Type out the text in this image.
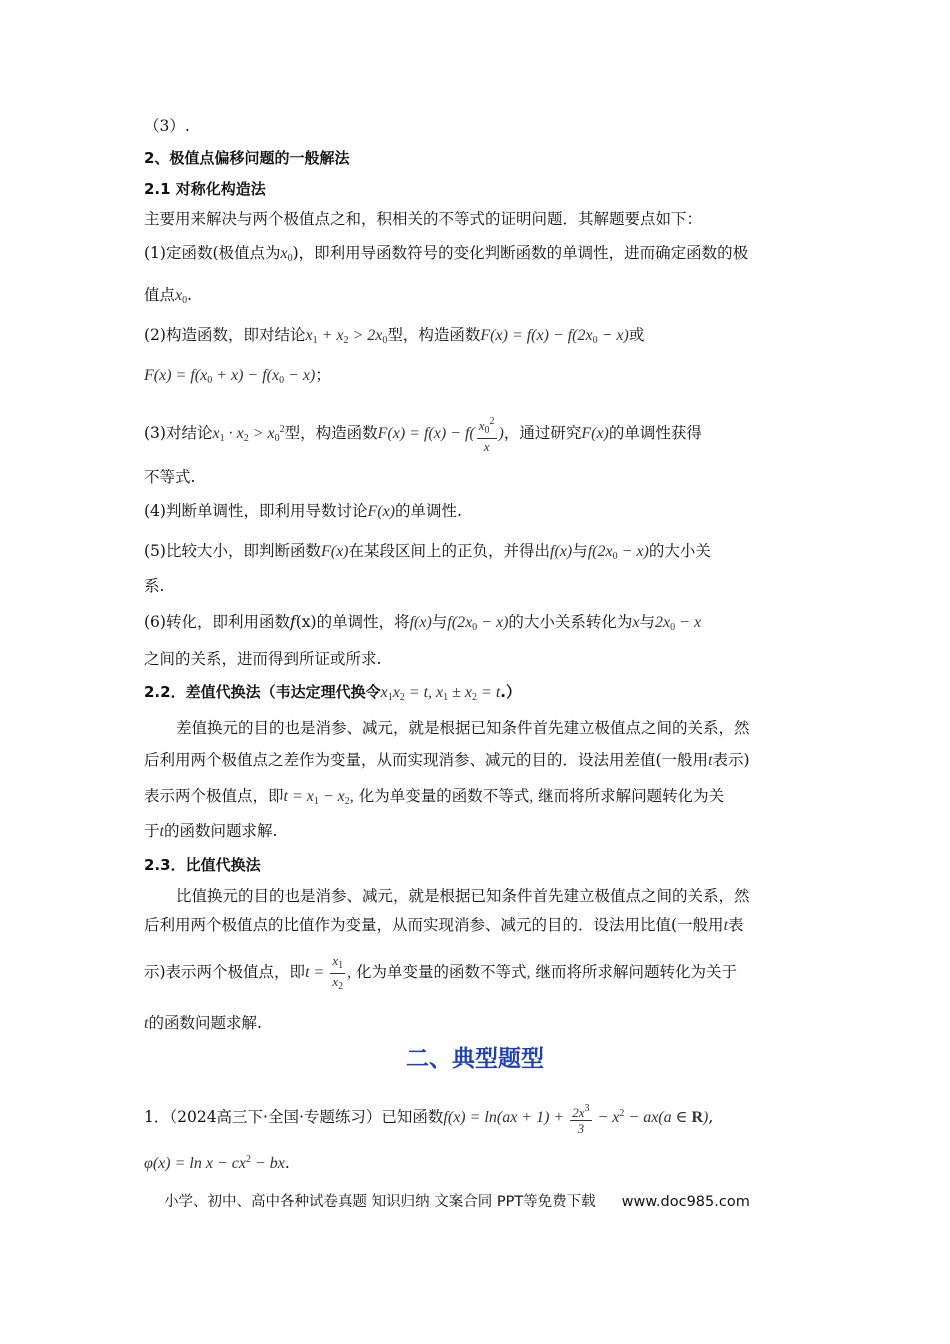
（3）.
2、极值点偏移问题的一般解法
2.1 对称化构造法
主要用来解决与两个极值点之和，积相关的不等式的证明问题．其解题要点如下：
(1)定函数(极值点为$x_0$)，即利用导函数符号的变化判断函数的单调性，进而确定函数的极
值点$x_0$.
(2)构造函数，即对结论$x_1 + x_2 > 2x_0$型，构造函数$F(x) = f(x) - f(2x_0 - x)$或
$F(x) = f(x_0 + x) - f(x_0 - x)$；
(3)对结论$x_1 \cdot x_2 > x_0^2$型，构造函数$F(x) = f(x) - f( \frac{x_0^2}{x}$ )，通过研究F(x)的单调性获得
不等式.
(4)判断单调性，即利用导数讨论F(x)的单调性.
(5)比较大小，即判断函数F(x)在某段区间上的正负，并得出f(x)与$f(2x_0 - x)$的大小关
系.
(6)转化，即利用函数f(x)的单调性，将f(x)与$f(2x_0 - x)$的大小关系转化为x与$2x_0 - x$
之间的关系，进而得到所证或所求.
2.2．差值代换法（韦达定理代换令$x_1x_2 = t$, $x_1 \pm x_2 = t$.）
差值换元的目的也是消参、减元，就是根据已知条件首先建立极值点之间的关系，然
后利用两个极值点之差作为变量，从而实现消参、减元的目的．设法用差值(一般用t表示)
表示两个极值点，即$t = x_1 - x_2$, 化为单变量的函数不等式, 继而将所求解问题转化为关
于t的函数问题求解.
2.3．比值代换法
比值换元的目的也是消参、减元，就是根据已知条件首先建立极值点之间的关系，然
后利用两个极值点的比值作为变量，从而实现消参、减元的目的．设法用比值(一般用t表
示)表示两个极值点，即$t = \frac{x_1}{x_2}$ , 化为单变量的函数不等式, 继而将所求解问题转化为关于
t的函数问题求解.
二、典型题型
1．（2024高三下·全国·专题练习）已知函数$f(x) = \ln(ax + 1) + \frac{2x^3}{3} - x^2 - ax(a$ ∈ R),
$\varphi(x) = \ln x - cx^2$ − bx.
小学、初中、高中各种试卷真题 知识归纳 文案合同 PPT等免费下载 www.doc985.com
